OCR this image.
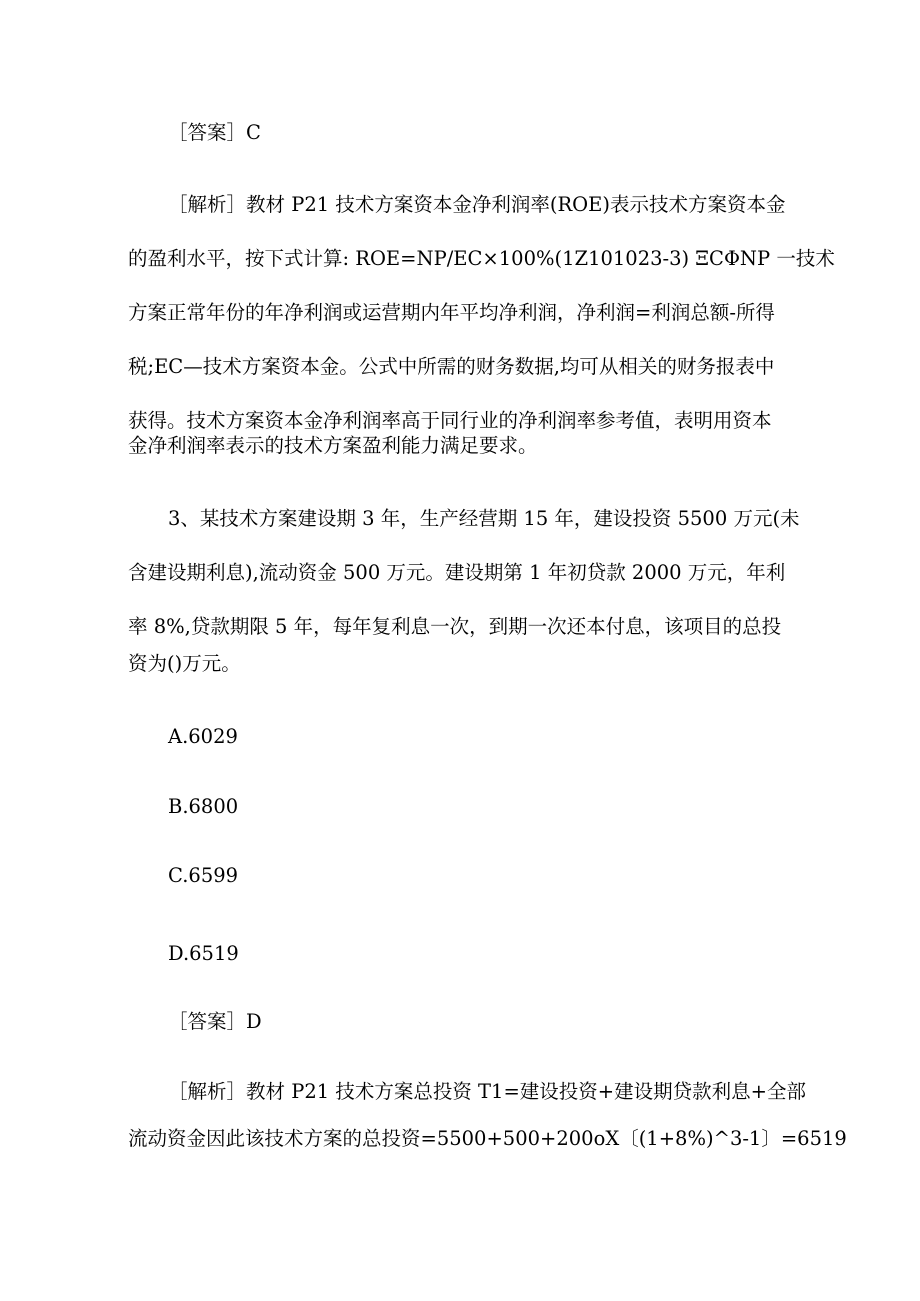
［答案］C
［解析］教材 P21 技术方案资本金净利润率(ROE)表示技术方案资本金
的盈利水平，按下式计算: ROE=NP/EC×100%(1Z101023-3) ΞCΦNP 一技术
方案正常年份的年净利润或运营期内年平均净利润，净利润=利润总额-所得
税;EC—技术方案资本金。公式中所需的财务数据,均可从相关的财务报表中
获得。技术方案资本金净利润率高于同行业的净利润率参考值，表明用资本
金净利润率表示的技术方案盈利能力满足要求。
3、某技术方案建设期 3 年，生产经营期 15 年，建设投资 5500 万元(未
含建设期利息),流动资金 500 万元。建设期第 1 年初贷款 2000 万元，年利
率 8%,贷款期限 5 年，每年复利息一次，到期一次还本付息，该项目的总投
资为()万元。
A.6029
B.6800
C.6599
D.6519
［答案］D
［解析］教材 P21 技术方案总投资 T1=建设投资+建设期贷款利息+全部
流动资金因此该技术方案的总投资=5500+500+200oX〔(1+8%)^3-1〕=6519
